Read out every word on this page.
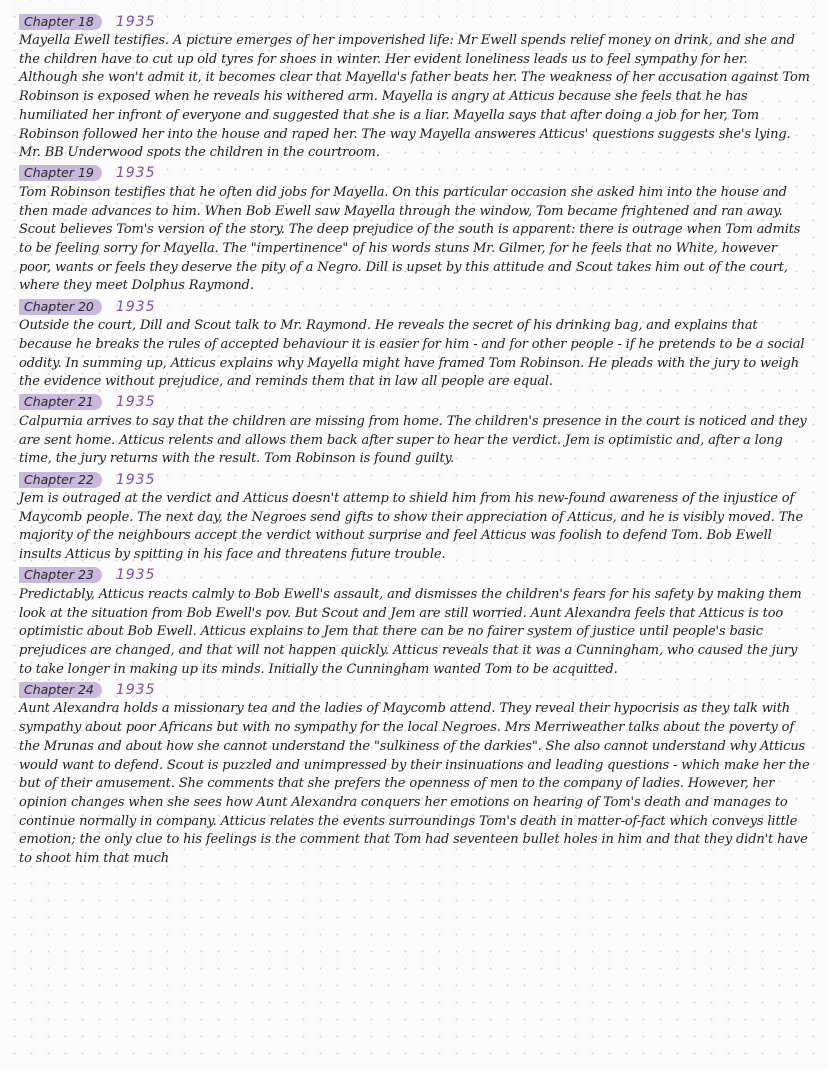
Chapter 18	1935

Mayella Ewell testifies. A picture emerges of her impoverished life: Mr Ewell spends relief money on drink, and she and the children have to cut up old tyres for shoes in winter. Her evident loneliness leads us to feel sympathy for her. Although she won't admit it, it becomes clear that Mayella's father beats her. The weakness of her accusation against Tom Robinson is exposed when he reveals his withered arm. Mayella is angry at Atticus because she feels that he has humiliated her infront of everyone and suggested that she is a liar. Mayella says that after doing a job for her, Tom Robinson followed her into the house and raped her. The way Mayella answeres Atticus' questions suggests she's lying. Mr. BB Underwood spots the children in the courtroom.

Chapter 19	1935

Tom Robinson testifies that he often did jobs for Mayella. On this particular occasion she asked him into the house and then made advances to him. When Bob Ewell saw Mayella through the window, Tom became frightened and ran away. Scout believes Tom's version of the story. The deep prejudice of the south is apparent: there is outrage when Tom admits to be feeling sorry for Mayella. The "impertinence" of his words stuns Mr. Gilmer, for he feels that no White, however poor, wants or feels they deserve the pity of a Negro. Dill is upset by this attitude and Scout takes him out of the court, where they meet Dolphus Raymond.

Chapter 20	1935

Outside the court, Dill and Scout talk to Mr. Raymond. He reveals the secret of his drinking bag, and explains that because he breaks the rules of accepted behaviour it is easier for him - and for other people - if he pretends to be a social oddity. In summing up, Atticus explains why Mayella might have framed Tom Robinson. He pleads with the jury to weigh the evidence without prejudice, and reminds them that in law all people are equal.

Chapter 21	1935

Calpurnia arrives to say that the children are missing from home. The children's presence in the court is noticed and they are sent home. Atticus relents and allows them back after super to hear the verdict. Jem is optimistic and, after a long time, the jury returns with the result. Tom Robinson is found guilty.

Chapter 22	1935

Jem is outraged at the verdict and Atticus doesn't attemp to shield him from his new-found awareness of the injustice of Maycomb people. The next day, the Negroes send gifts to show their appreciation of Atticus, and he is visibly moved. The majority of the neighbours accept the verdict without surprise and feel Atticus was foolish to defend Tom. Bob Ewell insults Atticus by spitting in his face and threatens future trouble.

Chapter 23	1935

Predictably, Atticus reacts calmly to Bob Ewell's assault, and dismisses the children's fears for his safety by making them look at the situation from Bob Ewell's pov. But Scout and Jem are still worried. Aunt Alexandra feels that Atticus is too optimistic about Bob Ewell. Atticus explains to Jem that there can be no fairer system of justice until people's basic prejudices are changed, and that will not happen quickly. Atticus reveals that it was a Cunningham, who caused the jury to take longer in making up its minds. Initially the Cunningham wanted Tom to be acquitted.

Chapter 24	1935

Aunt Alexandra holds a missionary tea and the ladies of Maycomb attend. They reveal their hypocrisis as they talk with sympathy about poor Africans but with no sympathy for the local Negroes. Mrs Merriweather talks about the poverty of the Mrunas and about how she cannot understand the "sulkiness of the darkies". She also cannot understand why Atticus would want to defend. Scout is puzzled and unimpressed by their insinuations and leading questions - which make her the but of their amusement. She comments that she prefers the openness of men to the company of ladies. However, her opinion changes when she sees how Aunt Alexandra conquers her emotions on hearing of Tom's death and manages to continue normally in company. Atticus relates the events surroundings Tom's death in matter-of-fact which conveys little emotion; the only clue to his feelings is the comment that Tom had seventeen bullet holes in him and that they didn't have to shoot him that much
